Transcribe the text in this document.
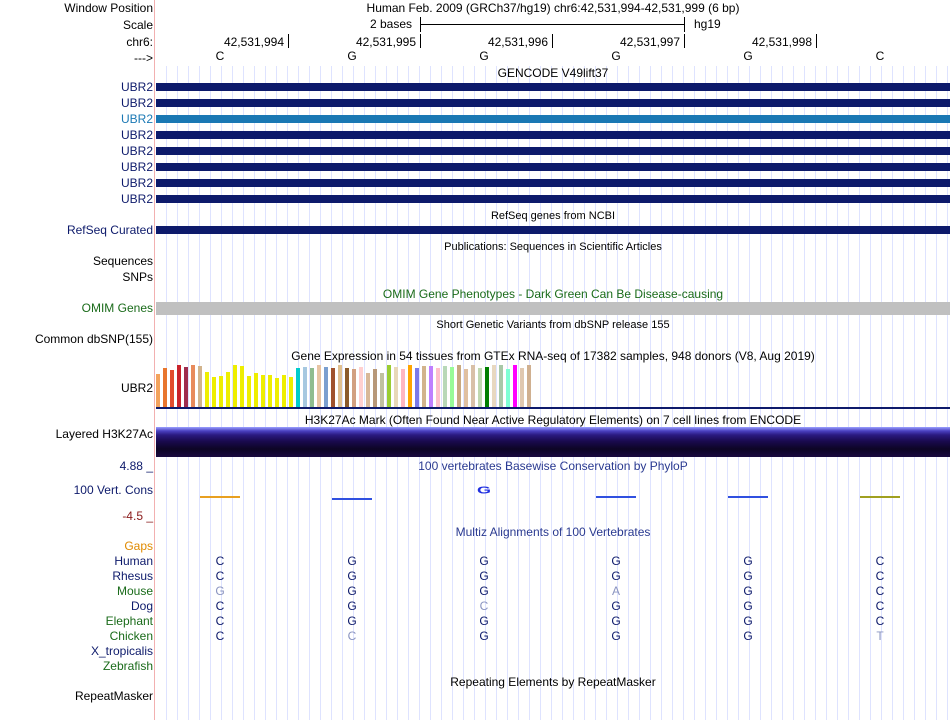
Window Position
Scale
chr6:
--->
Human Feb. 2009 (GRCh37/hg19) chr6:42,531,994-42,531,999 (6 bp)
2 bases	hg19
42,531,994	42,531,995	42,531,996	42,531,997	42,531,998
C	G	G	G	G	C
GENCODE V49lift37
UBR2
UBR2
UBR2
UBR2
UBR2
UBR2
UBR2
UBR2
RefSeq genes from NCBI
RefSeq Curated
Publications: Sequences in Scientific Articles
Sequences
SNPs
OMIM Gene Phenotypes - Dark Green Can Be Disease-causing
OMIM Genes
Short Genetic Variants from dbSNP release 155
Common dbSNP(155)
Gene Expression in 54 tissues from GTEx RNA-seq of 17382 samples, 948 donors (V8, Aug 2019)
UBR2
H3K27Ac Mark (Often Found Near Active Regulatory Elements) on 7 cell lines from ENCODE
Layered H3K27Ac
100 vertebrates Basewise Conservation by PhyloP
4.88 _
100 Vert. Cons
-4.5 _
G
Multiz Alignments of 100 Vertebrates
Gaps
Human	C	G	G	G	G	C
Rhesus	C	G	G	G	G	C
Mouse	G	G	G	A	G	C
Dog	C	G	C	G	G	C
Elephant	C	G	G	G	G	C
Chicken	C	C	G	G	G	T
X_tropicalis
Zebrafish
Repeating Elements by RepeatMasker
RepeatMasker
